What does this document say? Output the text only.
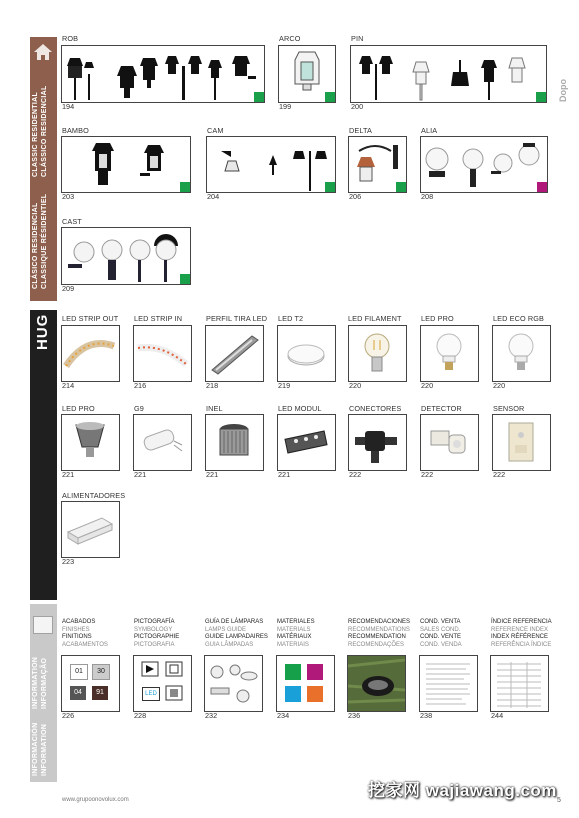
CLÁSICO RESIDENCIAL
CLASSIC RESIDENTIAL
CLASSIQUE RÉSIDENTIEL
CLÁSSICO RESIDENCIAL
HUG
INFORMACIÓN
INFORMATION
INFORMATION
INFORMAÇÃO
Dopo
ROB
194
ARCO
199
PIN
200
BAMBO
203
CAM
204
DELTA
206
ALIA
208
CAST
209
LED STRIP OUT
214
LED STRIP IN
216
PERFIL TIRA LED
218
LED T2
219
LED FILAMENT
220
LED PRO
220
LED ECO RGB
220
LED PRO
221
G9
221
INEL
221
LED MODUL
221
CONECTORES
222
DETECTOR
222
SENSOR
222
ALIMENTADORES
223
ACABADOS
FINISHES
FINITIONS
ACABAMENTOS
01	30
04	91
226
PICTOGRAFÍA
SYMBOLOGY
PICTOGRAPHIE
PICTOGRAFIA
LED
228
GUÍA DE LÁMPARAS
LAMPS GUIDE
GUIDE LAMPADAIRES
GUIA LÂMPADAS
232
MATERIALES
MATERIALS
MATÉRIAUX
MATERIAIS
234
RECOMENDACIONES
RECOMMENDATIONS
RECOMMENDATION
RECOMENDAÇÕES
236
COND. VENTA
SALES COND.
COND. VENTE
COND. VENDA
238
ÍNDICE REFERENCIA
REFERENCE INDEX
INDEX RÉFÉRENCE
REFERÊNCIA ÍNDICE
244
www.grupoonovolux.com	挖家网 wajiawang.com
5
